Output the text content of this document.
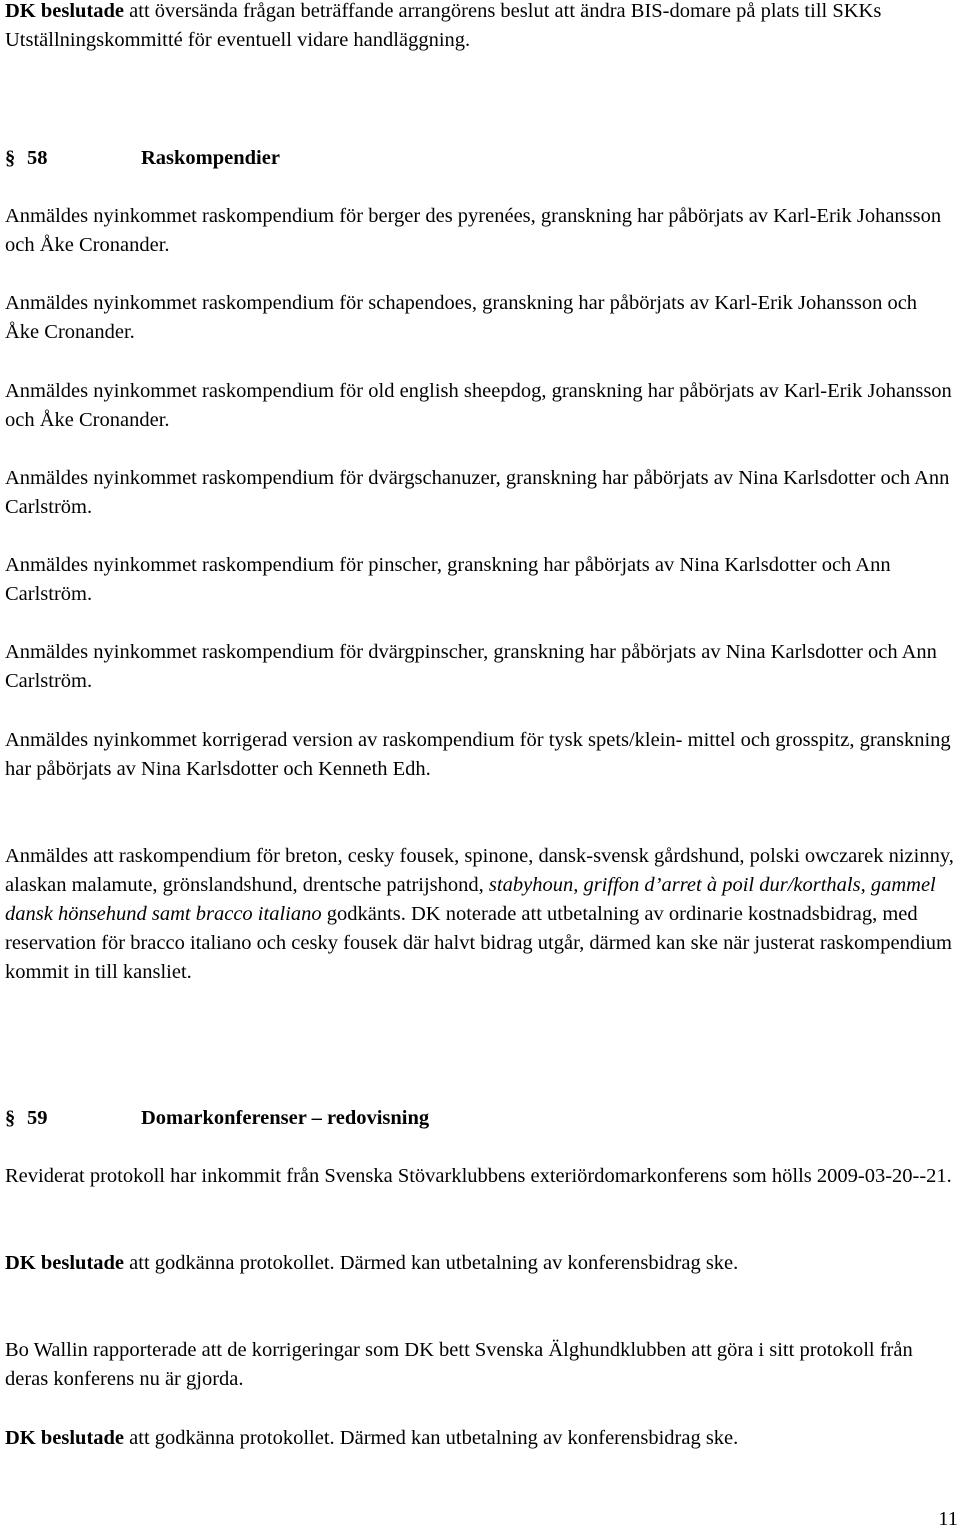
DK beslutade att översända frågan beträffande arrangörens beslut att ändra BIS-domare på plats till SKKs Utställningskommitté för eventuell vidare handläggning.

§ 58	Raskompendier

Anmäldes nyinkommet raskompendium för berger des pyrenées, granskning har påbörjats av Karl-Erik Johansson och Åke Cronander.

Anmäldes nyinkommet raskompendium för schapendoes, granskning har påbörjats av Karl-Erik Johansson och Åke Cronander.

Anmäldes nyinkommet raskompendium för old english sheepdog, granskning har påbörjats av Karl-Erik Johansson och Åke Cronander.

Anmäldes nyinkommet raskompendium för dvärgschanuzer, granskning har påbörjats av Nina Karlsdotter och Ann Carlström.

Anmäldes nyinkommet raskompendium för pinscher, granskning har påbörjats av Nina Karlsdotter och Ann Carlström.

Anmäldes nyinkommet raskompendium för dvärgpinscher, granskning har påbörjats av Nina Karlsdotter och Ann Carlström.

Anmäldes nyinkommet korrigerad version av raskompendium för tysk spets/klein- mittel och grosspitz, granskning har påbörjats av Nina Karlsdotter och Kenneth Edh.

Anmäldes att raskompendium för breton, cesky fousek, spinone, dansk-svensk gårdshund, polski owczarek nizinny, alaskan malamute, grönslandshund, drentsche patrijshond, stabyhoun, griffon d’arret à poil dur/korthals, gammel dansk hönsehund samt bracco italiano godkänts. DK noterade att utbetalning av ordinarie kostnadsbidrag, med reservation för bracco italiano och cesky fousek där halvt bidrag utgår, därmed kan ske när justerat raskompendium kommit in till kansliet.

§ 59	Domarkonferenser – redovisning

Reviderat protokoll har inkommit från Svenska Stövarklubbens exteriördomarkonferens som hölls 2009-03-20--21.

DK beslutade att godkänna protokollet. Därmed kan utbetalning av konferensbidrag ske.

Bo Wallin rapporterade att de korrigeringar som DK bett Svenska Älghundklubben att göra i sitt protokoll från deras konferens nu är gjorda.

DK beslutade att godkänna protokollet. Därmed kan utbetalning av konferensbidrag ske.

11
